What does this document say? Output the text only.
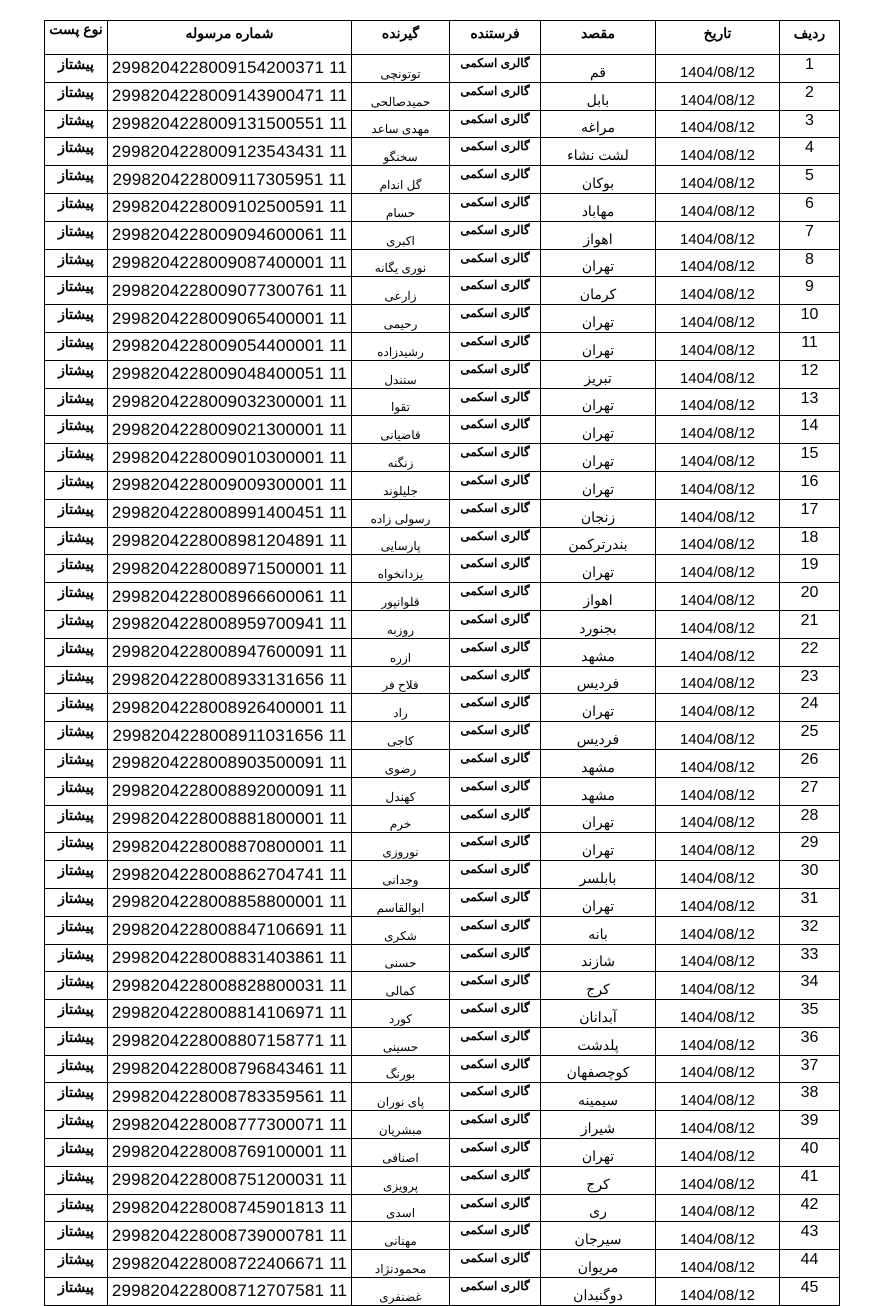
ردیف	تاریخ	مقصد	فرستنده	گیرنده	شماره مرسوله	نوع پست
1	1404/08/12	قم	گالری اسکمی	توتونچی	2998204228009154200371 11	پیشتاز
2	1404/08/12	بابل	گالری اسکمی	حمیدصالحی	2998204228009143900471 11	پیشتاز
3	1404/08/12	مراغه	گالری اسکمی	مهدی ساعد	2998204228009131500551 11	پیشتاز
4	1404/08/12	لشت نشاء	گالری اسکمی	سخنگو	2998204228009123543431 11	پیشتاز
5	1404/08/12	بوکان	گالری اسکمی	گل اندام	2998204228009117305951 11	پیشتاز
6	1404/08/12	مهاباد	گالری اسکمی	حسام	2998204228009102500591 11	پیشتاز
7	1404/08/12	اهواز	گالری اسکمی	اکبری	2998204228009094600061 11	پیشتاز
8	1404/08/12	تهران	گالری اسکمی	نوری یگانه	2998204228009087400001 11	پیشتاز
9	1404/08/12	کرمان	گالری اسکمی	زارعی	2998204228009077300761 11	پیشتاز
10	1404/08/12	تهران	گالری اسکمی	رحیمی	2998204228009065400001 11	پیشتاز
11	1404/08/12	تهران	گالری اسکمی	رشیدزاده	2998204228009054400001 11	پیشتاز
12	1404/08/12	تبریز	گالری اسکمی	سنندل	2998204228009048400051 11	پیشتاز
13	1404/08/12	تهران	گالری اسکمی	تقوا	2998204228009032300001 11	پیشتاز
14	1404/08/12	تهران	گالری اسکمی	قاضیانی	2998204228009021300001 11	پیشتاز
15	1404/08/12	تهران	گالری اسکمی	زنگنه	2998204228009010300001 11	پیشتاز
16	1404/08/12	تهران	گالری اسکمی	جلیلوند	2998204228009009300001 11	پیشتاز
17	1404/08/12	زنجان	گالری اسکمی	رسولی زاده	2998204228008991400451 11	پیشتاز
18	1404/08/12	بندرترکمن	گالری اسکمی	پارسایی	2998204228008981204891 11	پیشتاز
19	1404/08/12	تهران	گالری اسکمی	یزدانخواه	2998204228008971500001 11	پیشتاز
20	1404/08/12	اهواز	گالری اسکمی	قلوانپور	2998204228008966600061 11	پیشتاز
21	1404/08/12	بجنورد	گالری اسکمی	روزبه	2998204228008959700941 11	پیشتاز
22	1404/08/12	مشهد	گالری اسکمی	ازره	2998204228008947600091 11	پیشتاز
23	1404/08/12	فردیس	گالری اسکمی	فلاح فر	2998204228008933131656 11	پیشتاز
24	1404/08/12	تهران	گالری اسکمی	راد	2998204228008926400001 11	پیشتاز
25	1404/08/12	فردیس	گالری اسکمی	کاجی	2998204228008911031656 11	پیشتاز
26	1404/08/12	مشهد	گالری اسکمی	رضوی	2998204228008903500091 11	پیشتاز
27	1404/08/12	مشهد	گالری اسکمی	کهندل	2998204228008892000091 11	پیشتاز
28	1404/08/12	تهران	گالری اسکمی	خرم	2998204228008881800001 11	پیشتاز
29	1404/08/12	تهران	گالری اسکمی	نوروزی	2998204228008870800001 11	پیشتاز
30	1404/08/12	بابلسر	گالری اسکمی	وجدانی	2998204228008862704741 11	پیشتاز
31	1404/08/12	تهران	گالری اسکمی	ابوالقاسم	2998204228008858800001 11	پیشتاز
32	1404/08/12	بانه	گالری اسکمی	شکری	2998204228008847106691 11	پیشتاز
33	1404/08/12	شازند	گالری اسکمی	حسنی	2998204228008831403861 11	پیشتاز
34	1404/08/12	کرج	گالری اسکمی	کمالی	2998204228008828800031 11	پیشتاز
35	1404/08/12	آبدانان	گالری اسکمی	کورد	2998204228008814106971 11	پیشتاز
36	1404/08/12	پلدشت	گالری اسکمی	حسینی	2998204228008807158771 11	پیشتاز
37	1404/08/12	کوچصفهان	گالری اسکمی	بورنگ	2998204228008796843461 11	پیشتاز
38	1404/08/12	سیمینه	گالری اسکمی	پای نوران	2998204228008783359561 11	پیشتاز
39	1404/08/12	شیراز	گالری اسکمی	مبشریان	2998204228008777300071 11	پیشتاز
40	1404/08/12	تهران	گالری اسکمی	اصنافی	2998204228008769100001 11	پیشتاز
41	1404/08/12	کرج	گالری اسکمی	پرویزی	2998204228008751200031 11	پیشتاز
42	1404/08/12	ری	گالری اسکمی	اسدی	2998204228008745901813 11	پیشتاز
43	1404/08/12	سیرجان	گالری اسکمی	مهنانی	2998204228008739000781 11	پیشتاز
44	1404/08/12	مریوان	گالری اسکمی	محمودنژاد	2998204228008722406671 11	پیشتاز
45	1404/08/12	دوگنبدان	گالری اسکمی	غضنفری	2998204228008712707581 11	پیشتاز
